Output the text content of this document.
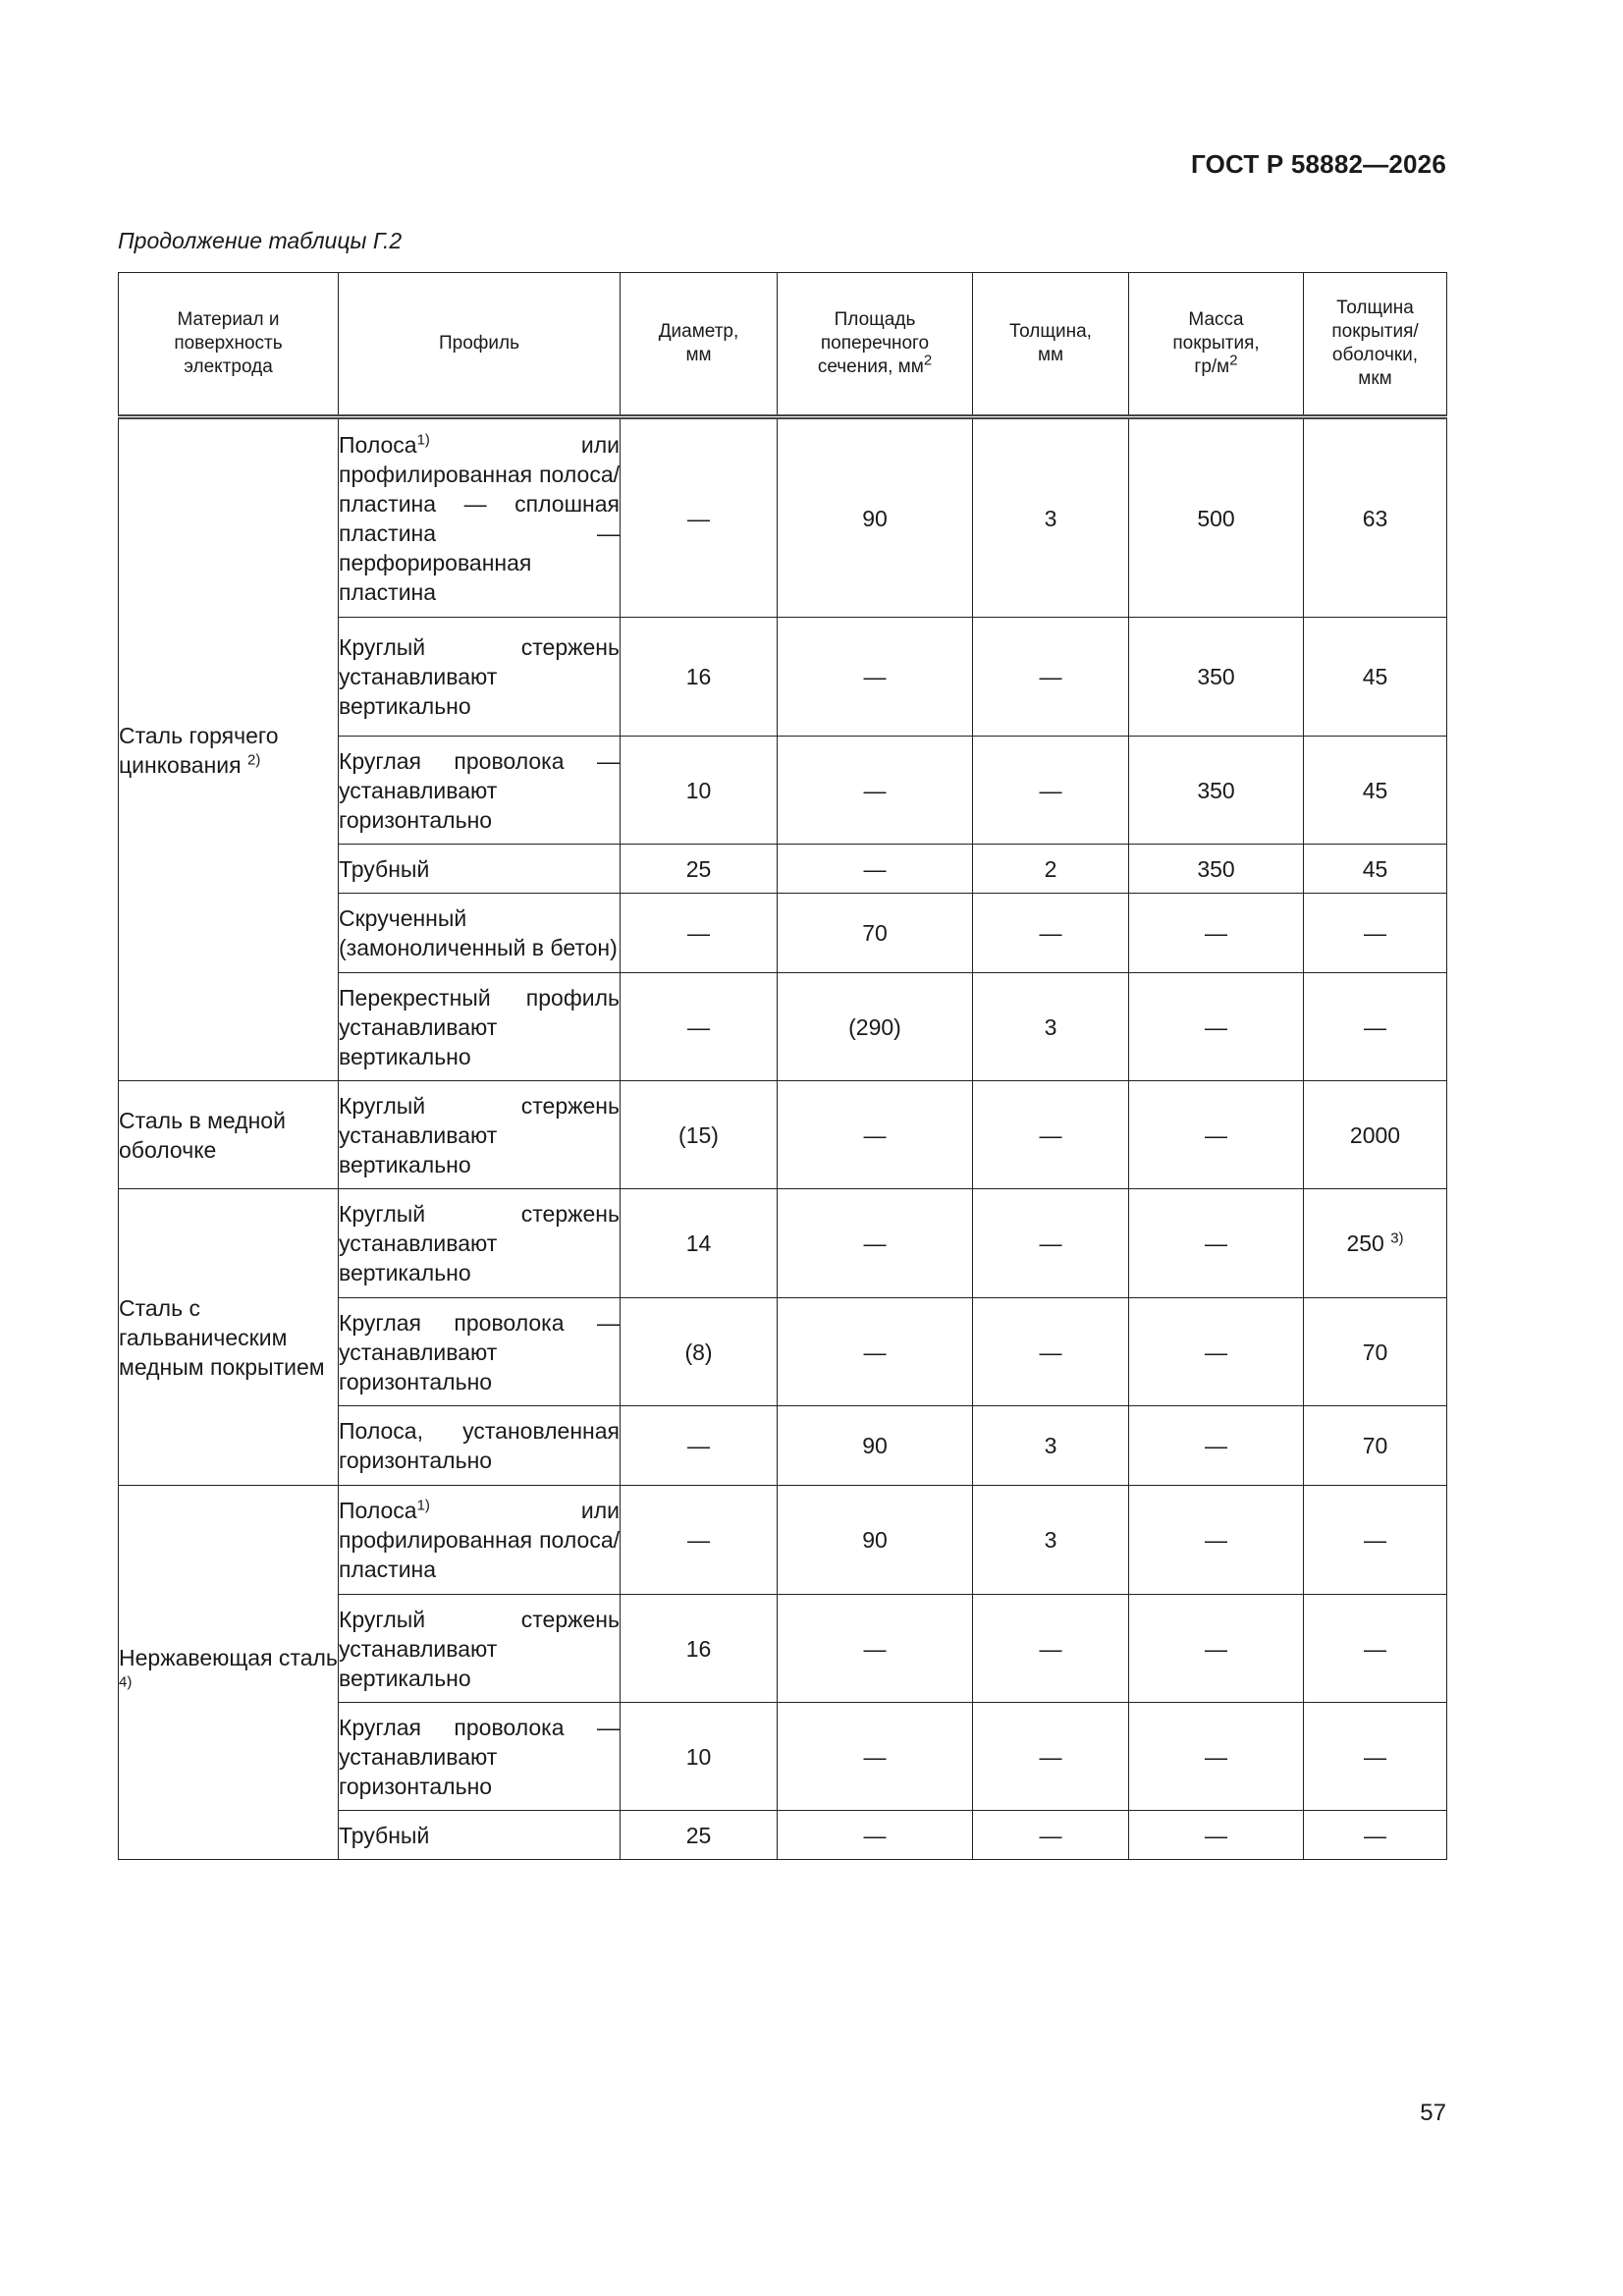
ГОСТ Р 58882—2026
Продолжение таблицы Г.2
Материал и поверхность электрода	Профиль	Диаметр, мм	Площадь поперечного сечения, $мм^2$	Толщина, мм	Масса покрытия, $гр/м^2$	Толщина покрытия/ оболочки, мкм
Сталь горячего цинкования $^{2)}$	Полоса$^{1)}$ или профилированная полоса/ пластина — сплошная пластина — перфорированная пластина	—	90	3	500	63
	Круглый стержень устанавливают вертикально	16	—	—	350	45
	Круглая проволока — устанавливают горизонтально	10	—	—	350	45
	Трубный	25	—	2	350	45
	Скрученный (замоноличенный в бетон)	—	70	—	—	—
	Перекрестный профиль устанавливают вертикально	—	(290)	3	—	—
Сталь в медной оболочке	Круглый стержень устанавливают вертикально	(15)	—	—	—	2000
Сталь с гальваническим медным покрытием	Круглый стержень устанавливают вертикально	14	—	—	—	250 $^{3)}$
	Круглая проволока — устанавливают горизонтально	(8)	—	—	—	70
	Полоса, установленная горизонтально	—	90	3	—	70
Нержавеющая сталь $^{4)}$	Полоса$^{1)}$ или профилированная полоса/ пластина	—	90	3	—	—
	Круглый стержень устанавливают вертикально	16	—	—	—	—
	Круглая проволока — устанавливают горизонтально	10	—	—	—	—
	Трубный	25	—	—	—	—
57
